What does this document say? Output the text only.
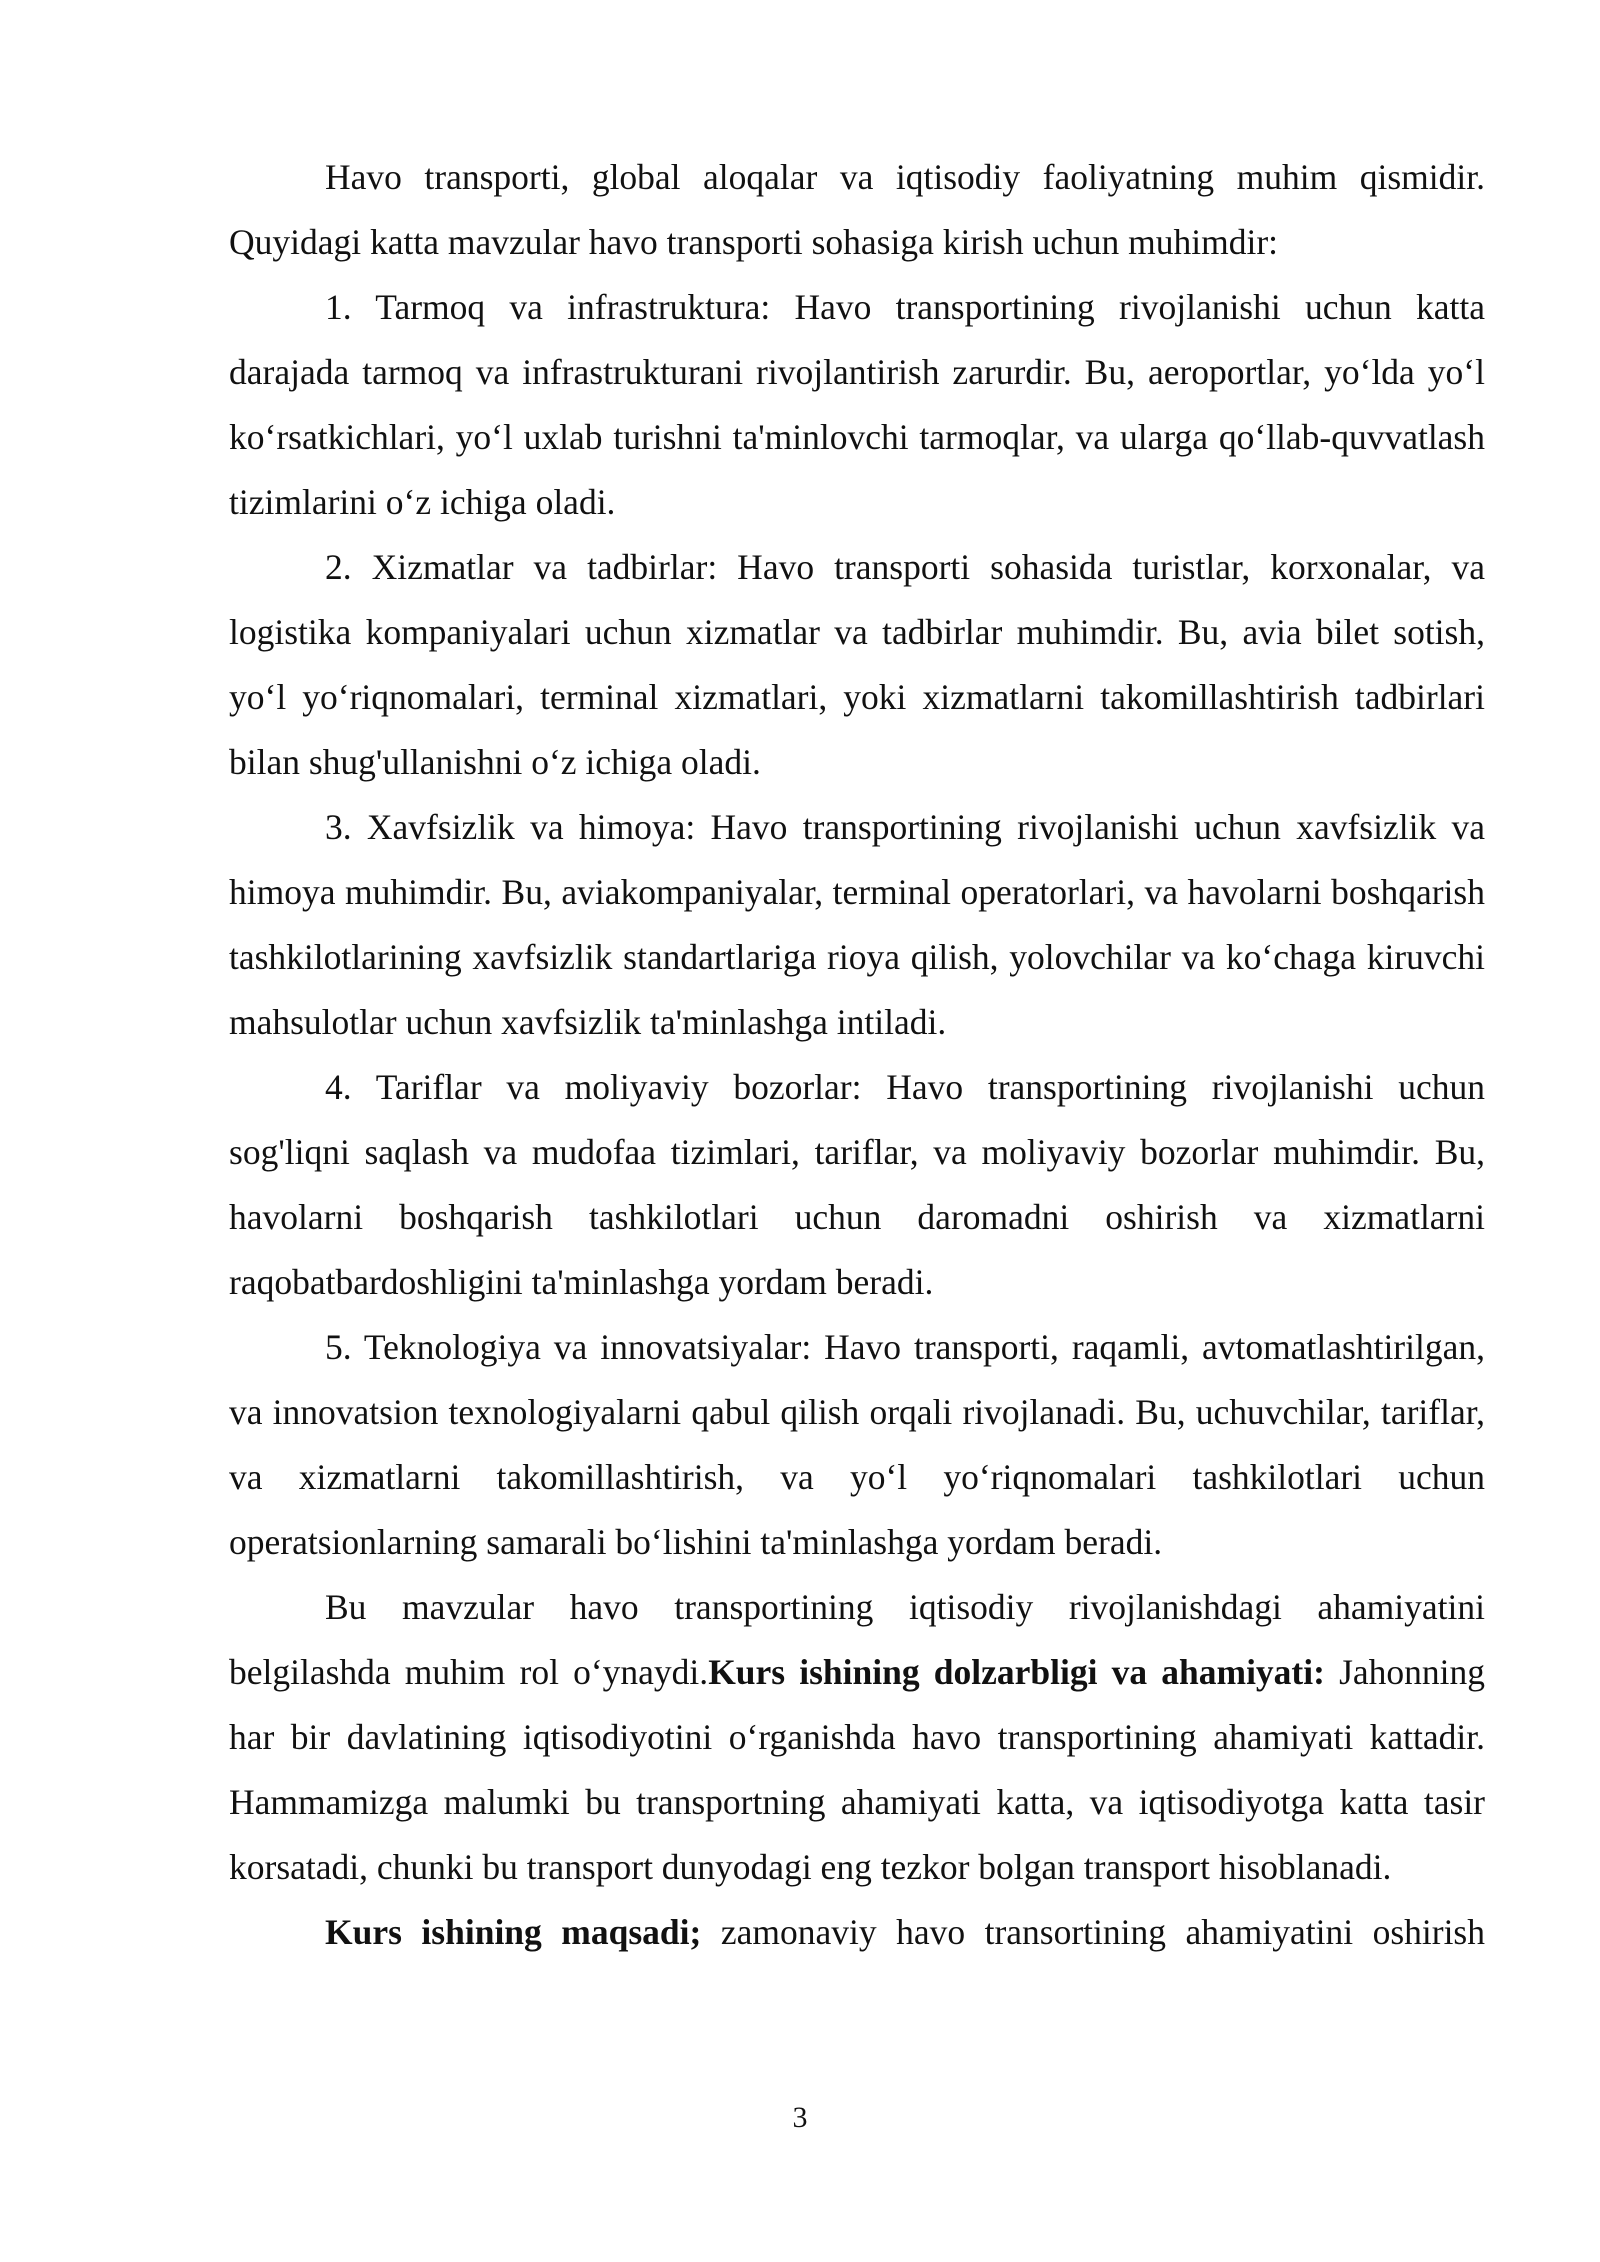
Havo transporti, global aloqalar va iqtisodiy faoliyatning muhim qismidir. Quyidagi katta mavzular havo transporti sohasiga kirish uchun muhimdir:

1. Tarmoq va infrastruktura: Havo transportining rivojlanishi uchun katta darajada tarmoq va infrastrukturani rivojlantirish zarurdir. Bu, aeroportlar, yo‘lda yo‘l ko‘rsatkichlari, yo‘l uxlab turishni ta'minlovchi tarmoqlar, va ularga qo‘llab-quvvatlash tizimlarini o‘z ichiga oladi.

2. Xizmatlar va tadbirlar: Havo transporti sohasida turistlar, korxonalar, va logistika kompaniyalari uchun xizmatlar va tadbirlar muhimdir. Bu, avia bilet sotish, yo‘l yo‘riqnomalari, terminal xizmatlari, yoki xizmatlarni takomillashtirish tadbirlari bilan shug'ullanishni o‘z ichiga oladi.

3. Xavfsizlik va himoya: Havo transportining rivojlanishi uchun xavfsizlik va himoya muhimdir. Bu, aviakompaniyalar, terminal operatorlari, va havolarni boshqarish tashkilotlarining xavfsizlik standartlariga rioya qilish, yolovchilar va ko‘chaga kiruvchi mahsulotlar uchun xavfsizlik ta'minlashga intiladi.

4. Tariflar va moliyaviy bozorlar: Havo transportining rivojlanishi uchun sog'liqni saqlash va mudofaa tizimlari, tariflar, va moliyaviy bozorlar muhimdir. Bu, havolarni boshqarish tashkilotlari uchun daromadni oshirish va xizmatlarni raqobatbardoshligini ta'minlashga yordam beradi.

5. Teknologiya va innovatsiyalar: Havo transporti, raqamli, avtomatlashtirilgan, va innovatsion texnologiyalarni qabul qilish orqali rivojlanadi. Bu, uchuvchilar, tariflar, va xizmatlarni takomillashtirish, va yo‘l yo‘riqnomalari tashkilotlari uchun operatsionlarning samarali bo‘lishini ta'minlashga yordam beradi.

Bu mavzular havo transportining iqtisodiy rivojlanishdagi ahamiyatini belgilashda muhim rol o‘ynaydi.Kurs ishining dolzarbligi va ahamiyati: Jahonning har bir davlatining iqtisodiyotini o‘rganishda havo transportining ahamiyati kattadir. Hammamizga malumki bu transportning ahamiyati katta, va iqtisodiyotga katta tasir korsatadi, chunki bu transport dunyodagi eng tezkor bolgan transport hisoblanadi.

Kurs ishining maqsadi; zamonaviy havo transortining ahamiyatini oshirish

3
